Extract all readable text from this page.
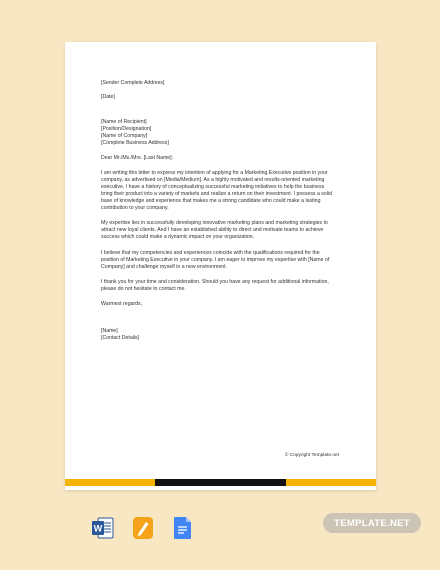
[Sender Complete Address]

[Date]

[Name of Recipient]

[Position/Designation]

[Name of Company]

[Complete Business Address]

Dear Mr./Ms./Mrs. [Last Name]:

I am writing this letter to express my intention of applying for a Marketing Executive position in your company, as advertised on [Media/Medium]. As a highly motivated and results-oriented marketing executive, I have a history of conceptualizing successful marketing initiatives to help the business bring their product into a variety of markets and realize a return on their investment. I possess a solid base of knowledge and experience that makes me a strong candidate who could make a lasting contribution to your company.

My expertise lies in successfully developing innovative marketing plans and marketing strategies to attract new loyal clients. And I have an established ability to direct and motivate teams to achieve success which could make a dynamic impact on your organization.

I believe that my competencies and experiences coincide with the qualifications required for the position of Marketing Executive in your company. I am eager to improve my expertise with [Name of Company] and challenge myself in a new environment.

I thank you for your time and consideration. Should you have any request for additional information, please do not hesitate to contact me.

Warmest regards,

[Name]

[Contact Details]

© Copyright Template.net
W	TEMPLATE.NET
